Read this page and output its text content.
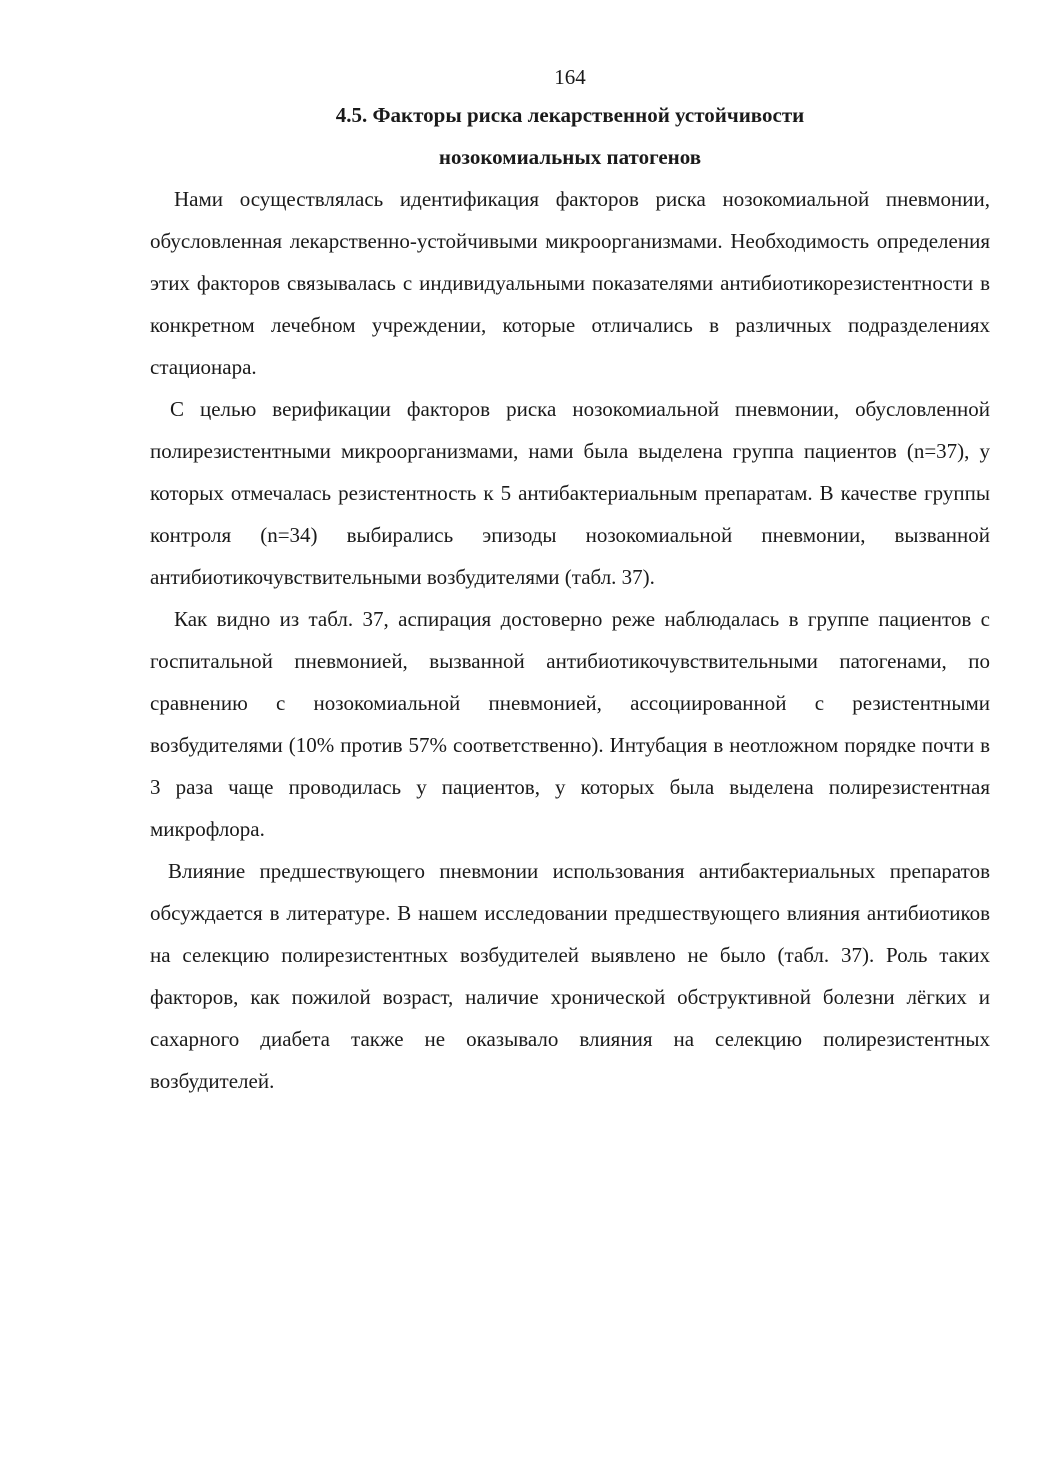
164
4.5. Факторы риска лекарственной устойчивости
нозокомиальных патогенов

Нами осуществлялась идентификация факторов риска нозокомиальной пневмонии, обусловленная лекарственно-устойчивыми микроорганизмами. Необходимость определения этих факторов связывалась с индивидуальными показателями антибиотикорезистентности в конкретном лечебном учреждении, которые отличались в различных подразделениях стационара.

С целью верификации факторов риска нозокомиальной пневмонии, обусловленной полирезистентными микроорганизмами, нами была выделена группа пациентов (n=37), у которых отмечалась резистентность к 5 антибактериальным препаратам. В качестве группы контроля (n=34) выбирались эпизоды нозокомиальной пневмонии, вызванной антибиотикочувствительными возбудителями (табл. 37).

Как видно из табл. 37, аспирация достоверно реже наблюдалась в группе пациентов с госпитальной пневмонией, вызванной антибиотикочувствительными патогенами, по сравнению с нозокомиальной пневмонией, ассоциированной с резистентными возбудителями (10% против 57% соответственно). Интубация в неотложном порядке почти в 3 раза чаще проводилась у пациентов, у которых была выделена полирезистентная микрофлора.

Влияние предшествующего пневмонии использования антибактериальных препаратов обсуждается в литературе. В нашем исследовании предшествующего влияния антибиотиков на селекцию полирезистентных возбудителей выявлено не было (табл. 37). Роль таких факторов, как пожилой возраст, наличие хронической обструктивной болезни лёгких и сахарного диабета также не оказывало влияния на селекцию полирезистентных возбудителей.
